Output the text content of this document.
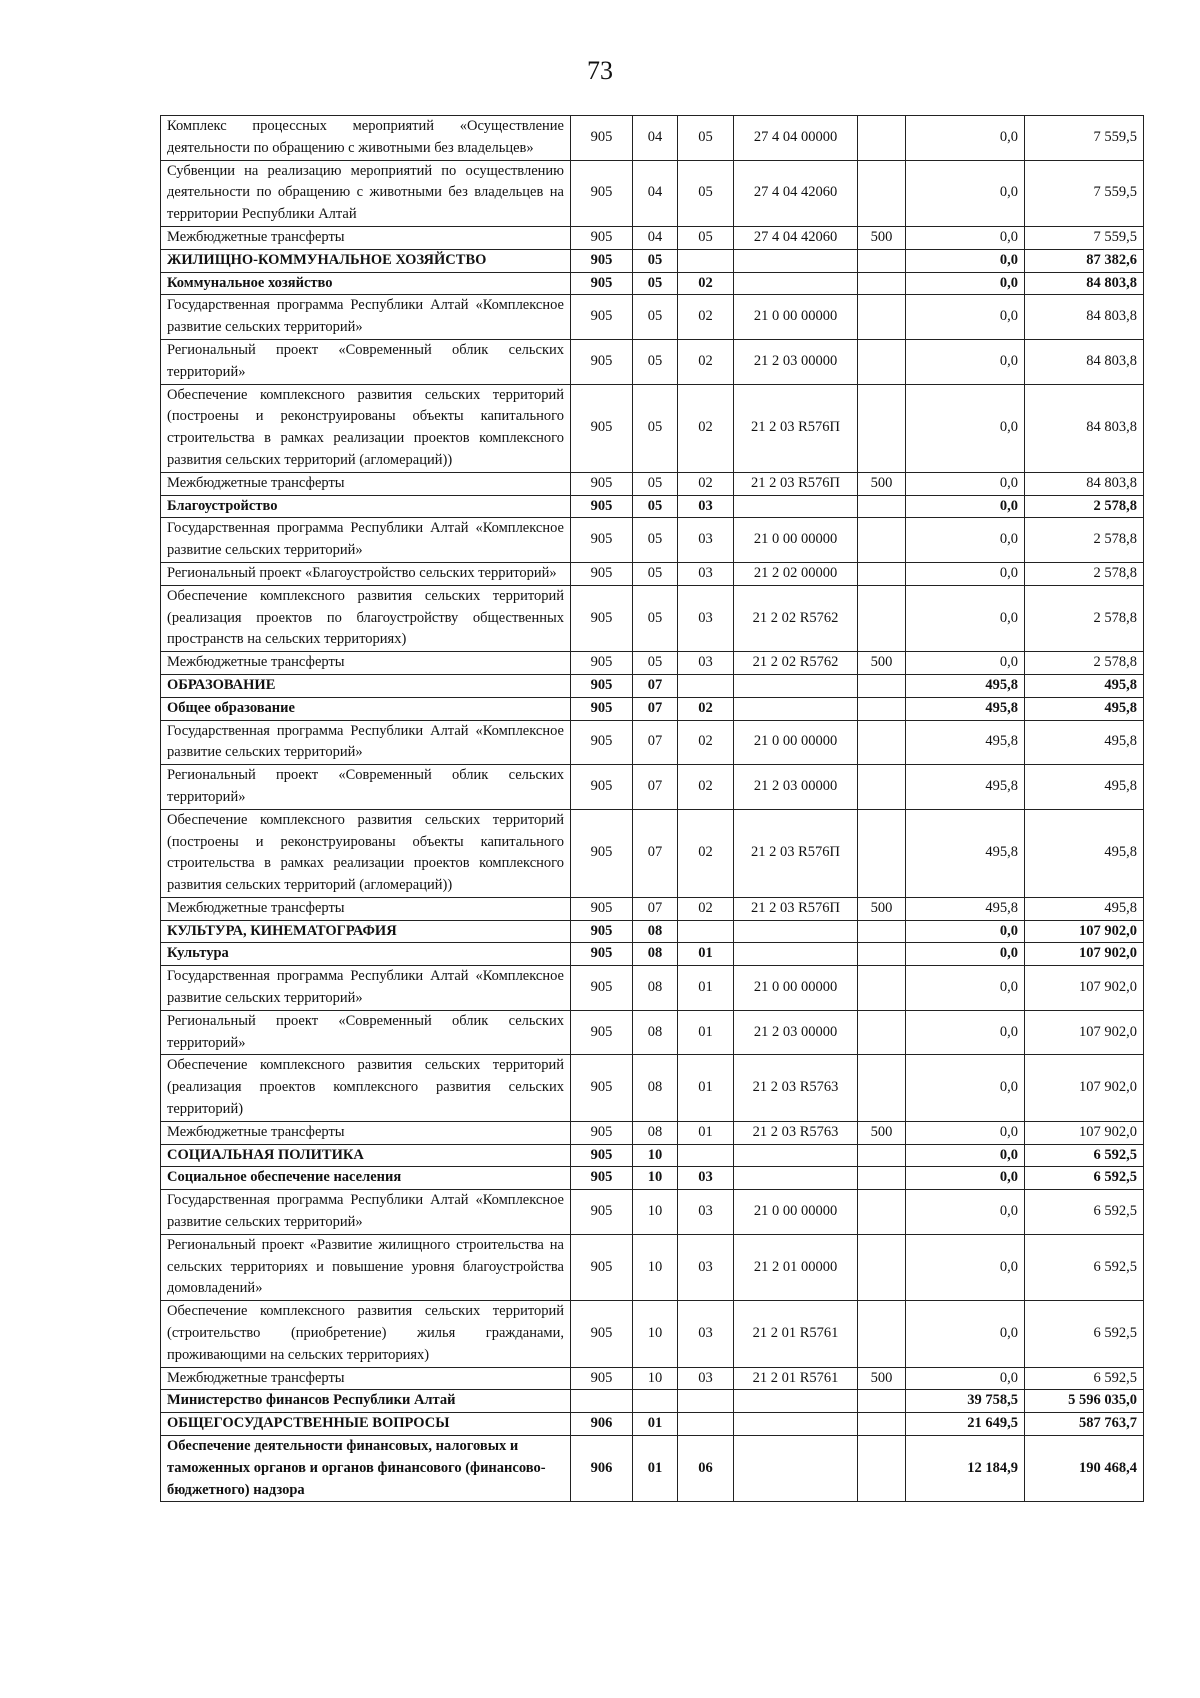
73
Комплекс процессных мероприятий «Осуществление деятельности по обращению с животными без владельцев»	905	04	05	27 4 04 00000		0,0	7 559,5
Субвенции на реализацию мероприятий по осуществлению деятельности по обращению с животными без владельцев на территории Республики Алтай	905	04	05	27 4 04 42060		0,0	7 559,5
Межбюджетные трансферты	905	04	05	27 4 04 42060	500	0,0	7 559,5
ЖИЛИЩНО-КОММУНАЛЬНОЕ ХОЗЯЙСТВО	905	05				0,0	87 382,6
Коммунальное хозяйство	905	05	02			0,0	84 803,8
Государственная программа Республики Алтай «Комплексное развитие сельских территорий»	905	05	02	21 0 00 00000		0,0	84 803,8
Региональный проект «Современный облик сельских территорий»	905	05	02	21 2 03 00000		0,0	84 803,8
Обеспечение комплексного развития сельских территорий (построены и реконструированы объекты капитального строительства в рамках реализации проектов комплексного развития сельских территорий (агломераций))	905	05	02	21 2 03 R576П		0,0	84 803,8
Межбюджетные трансферты	905	05	02	21 2 03 R576П	500	0,0	84 803,8
Благоустройство	905	05	03			0,0	2 578,8
Государственная программа Республики Алтай «Комплексное развитие сельских территорий»	905	05	03	21 0 00 00000		0,0	2 578,8
Региональный проект «Благоустройство сельских территорий»	905	05	03	21 2 02 00000		0,0	2 578,8
Обеспечение комплексного развития сельских территорий (реализация проектов по благоустройству общественных пространств на сельских территориях)	905	05	03	21 2 02 R5762		0,0	2 578,8
Межбюджетные трансферты	905	05	03	21 2 02 R5762	500	0,0	2 578,8
ОБРАЗОВАНИЕ	905	07				495,8	495,8
Общее образование	905	07	02			495,8	495,8
Государственная программа Республики Алтай «Комплексное развитие сельских территорий»	905	07	02	21 0 00 00000		495,8	495,8
Региональный проект «Современный облик сельских территорий»	905	07	02	21 2 03 00000		495,8	495,8
Обеспечение комплексного развития сельских территорий (построены и реконструированы объекты капитального строительства в рамках реализации проектов комплексного развития сельских территорий (агломераций))	905	07	02	21 2 03 R576П		495,8	495,8
Межбюджетные трансферты	905	07	02	21 2 03 R576П	500	495,8	495,8
КУЛЬТУРА, КИНЕМАТОГРАФИЯ	905	08				0,0	107 902,0
Культура	905	08	01			0,0	107 902,0
Государственная программа Республики Алтай «Комплексное развитие сельских территорий»	905	08	01	21 0 00 00000		0,0	107 902,0
Региональный проект «Современный облик сельских территорий»	905	08	01	21 2 03 00000		0,0	107 902,0
Обеспечение комплексного развития сельских территорий (реализация проектов комплексного развития сельских территорий)	905	08	01	21 2 03 R5763		0,0	107 902,0
Межбюджетные трансферты	905	08	01	21 2 03 R5763	500	0,0	107 902,0
СОЦИАЛЬНАЯ ПОЛИТИКА	905	10				0,0	6 592,5
Социальное обеспечение населения	905	10	03			0,0	6 592,5
Государственная программа Республики Алтай «Комплексное развитие сельских территорий»	905	10	03	21 0 00 00000		0,0	6 592,5
Региональный проект «Развитие жилищного строительства на сельских территориях и повышение уровня благоустройства домовладений»	905	10	03	21 2 01 00000		0,0	6 592,5
Обеспечение комплексного развития сельских территорий (строительство (приобретение) жилья гражданами, проживающими на сельских территориях)	905	10	03	21 2 01 R5761		0,0	6 592,5
Межбюджетные трансферты	905	10	03	21 2 01 R5761	500	0,0	6 592,5
Министерство финансов Республики Алтай						39 758,5	5 596 035,0
ОБЩЕГОСУДАРСТВЕННЫЕ ВОПРОСЫ	906	01				21 649,5	587 763,7
Обеспечение деятельности финансовых, налоговых и таможенных органов и органов финансового (финансово-бюджетного) надзора	906	01	06			12 184,9	190 468,4
